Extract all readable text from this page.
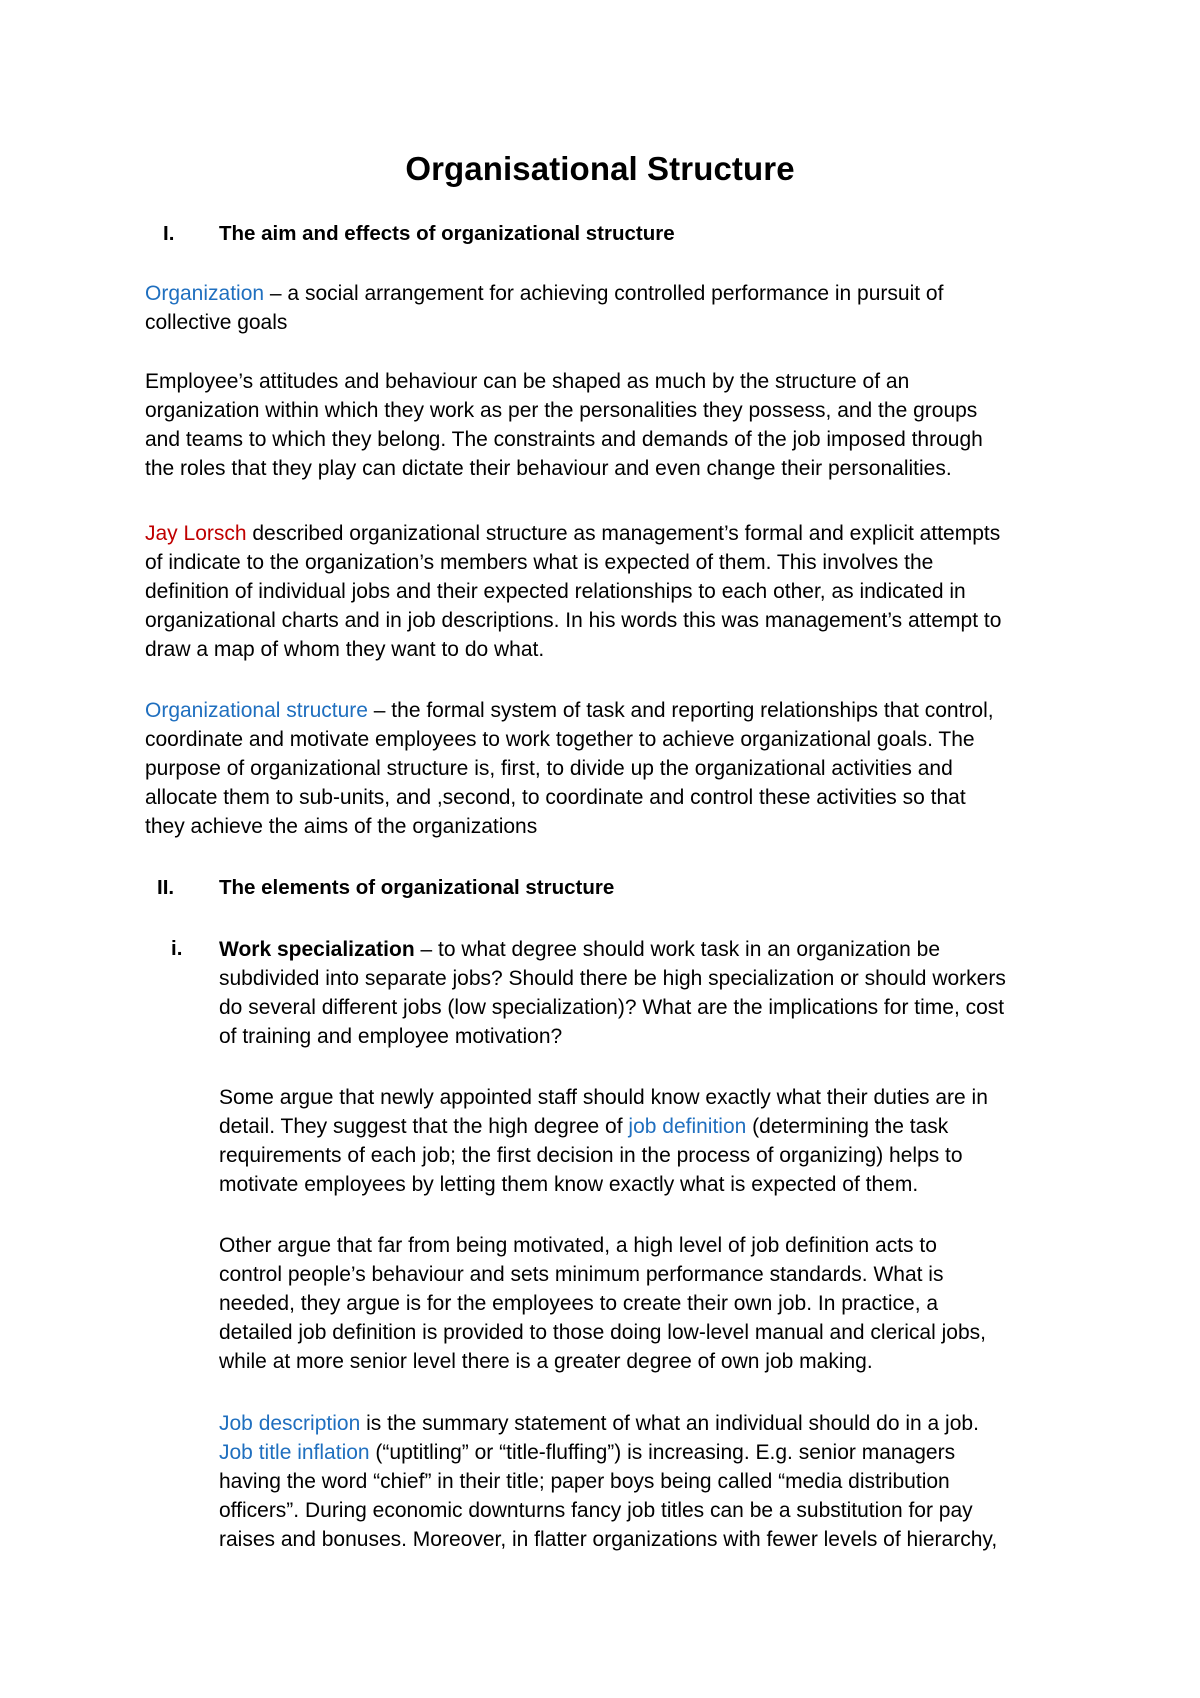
Organisational Structure
I. The aim and effects of organizational structure
Organization – a social arrangement for achieving controlled performance in pursuit of
collective goals
Employee’s attitudes and behaviour can be shaped as much by the structure of an
organization within which they work as per the personalities they possess, and the groups
and teams to which they belong. The constraints and demands of the job imposed through
the roles that they play can dictate their behaviour and even change their personalities.
Jay Lorsch described organizational structure as management’s formal and explicit attempts
of indicate to the organization’s members what is expected of them. This involves the
definition of individual jobs and their expected relationships to each other, as indicated in
organizational charts and in job descriptions. In his words this was management’s attempt to
draw a map of whom they want to do what.
Organizational structure – the formal system of task and reporting relationships that control,
coordinate and motivate employees to work together to achieve organizational goals. The
purpose of organizational structure is, first, to divide up the organizational activities and
allocate them to sub-units, and ,second, to coordinate and control these activities so that
they achieve the aims of the organizations
II. The elements of organizational structure
i. Work specialization – to what degree should work task in an organization be
subdivided into separate jobs? Should there be high specialization or should workers
do several different jobs (low specialization)? What are the implications for time, cost
of training and employee motivation?
Some argue that newly appointed staff should know exactly what their duties are in
detail. They suggest that the high degree of job definition (determining the task
requirements of each job; the first decision in the process of organizing) helps to
motivate employees by letting them know exactly what is expected of them.
Other argue that far from being motivated, a high level of job definition acts to
control people’s behaviour and sets minimum performance standards. What is
needed, they argue is for the employees to create their own job. In practice, a
detailed job definition is provided to those doing low-level manual and clerical jobs,
while at more senior level there is a greater degree of own job making.
Job description is the summary statement of what an individual should do in a job.
Job title inflation (“uptitling” or “title-fluffing”) is increasing. E.g. senior managers
having the word “chief” in their title; paper boys being called “media distribution
officers”. During economic downturns fancy job titles can be a substitution for pay
raises and bonuses. Moreover, in flatter organizations with fewer levels of hierarchy,
